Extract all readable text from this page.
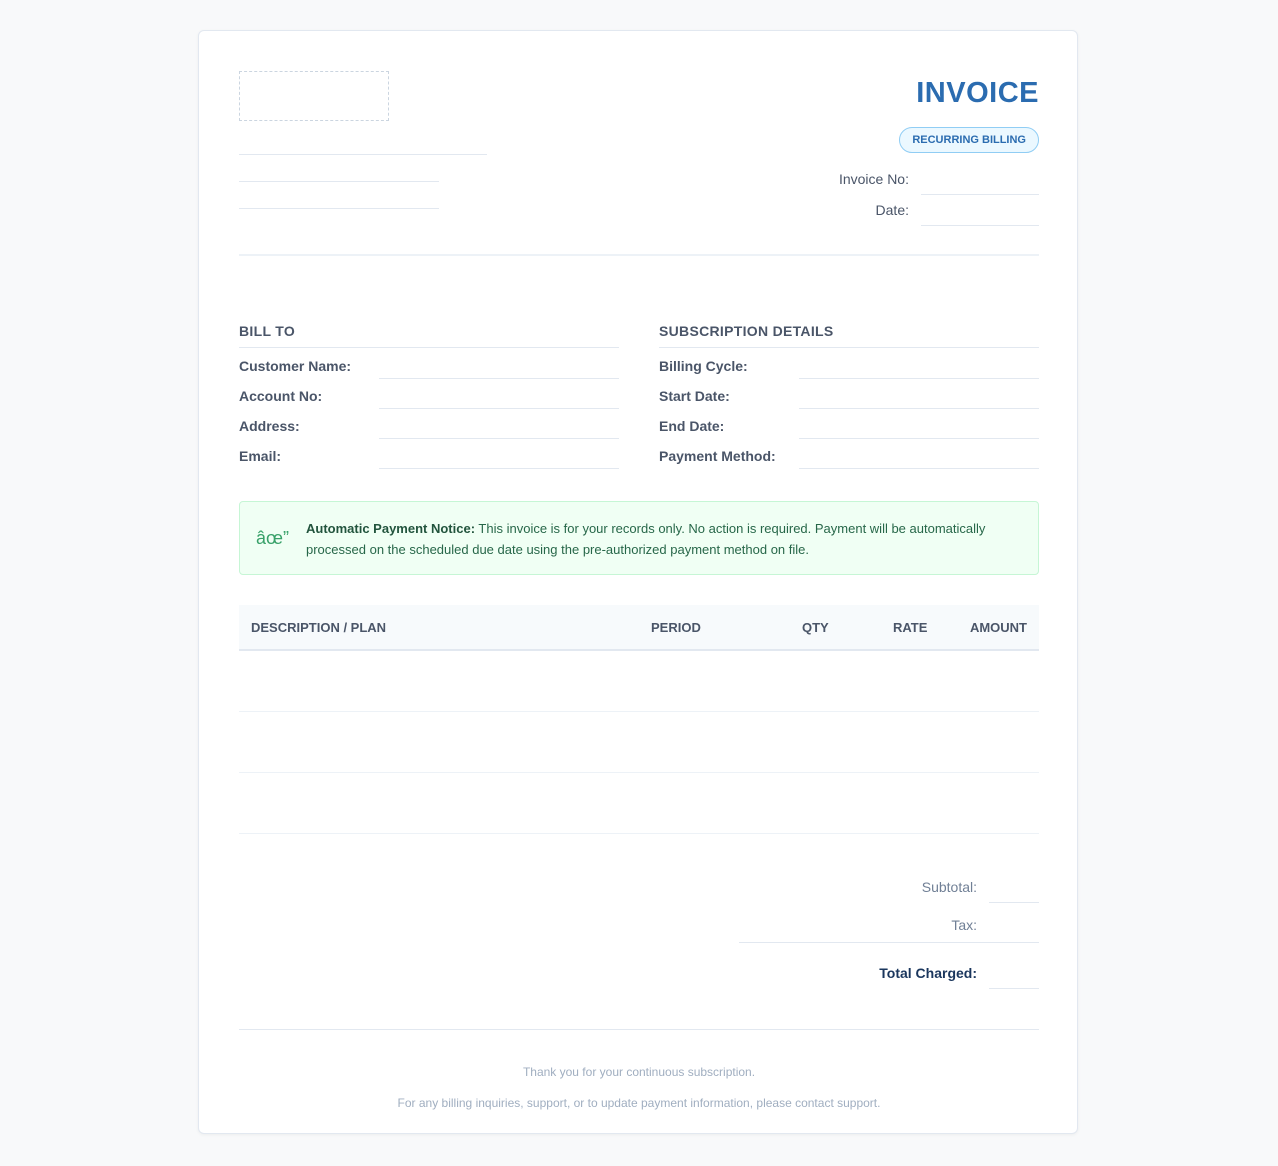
INVOICE
RECURRING BILLING
Invoice No:
Date:
BILL TO
Customer Name:
Account No:
Address:
Email:
SUBSCRIPTION DETAILS
Billing Cycle:
Start Date:
End Date:
Payment Method:
âœ” Automatic Payment Notice: This invoice is for your records only. No action is required. Payment will be automatically processed on the scheduled due date using the pre-authorized payment method on file.
DESCRIPTION / PLAN	PERIOD	QTY	RATE	AMOUNT
Subtotal:
Tax:
Total Charged:
Thank you for your continuous subscription.
For any billing inquiries, support, or to update payment information, please contact support.
